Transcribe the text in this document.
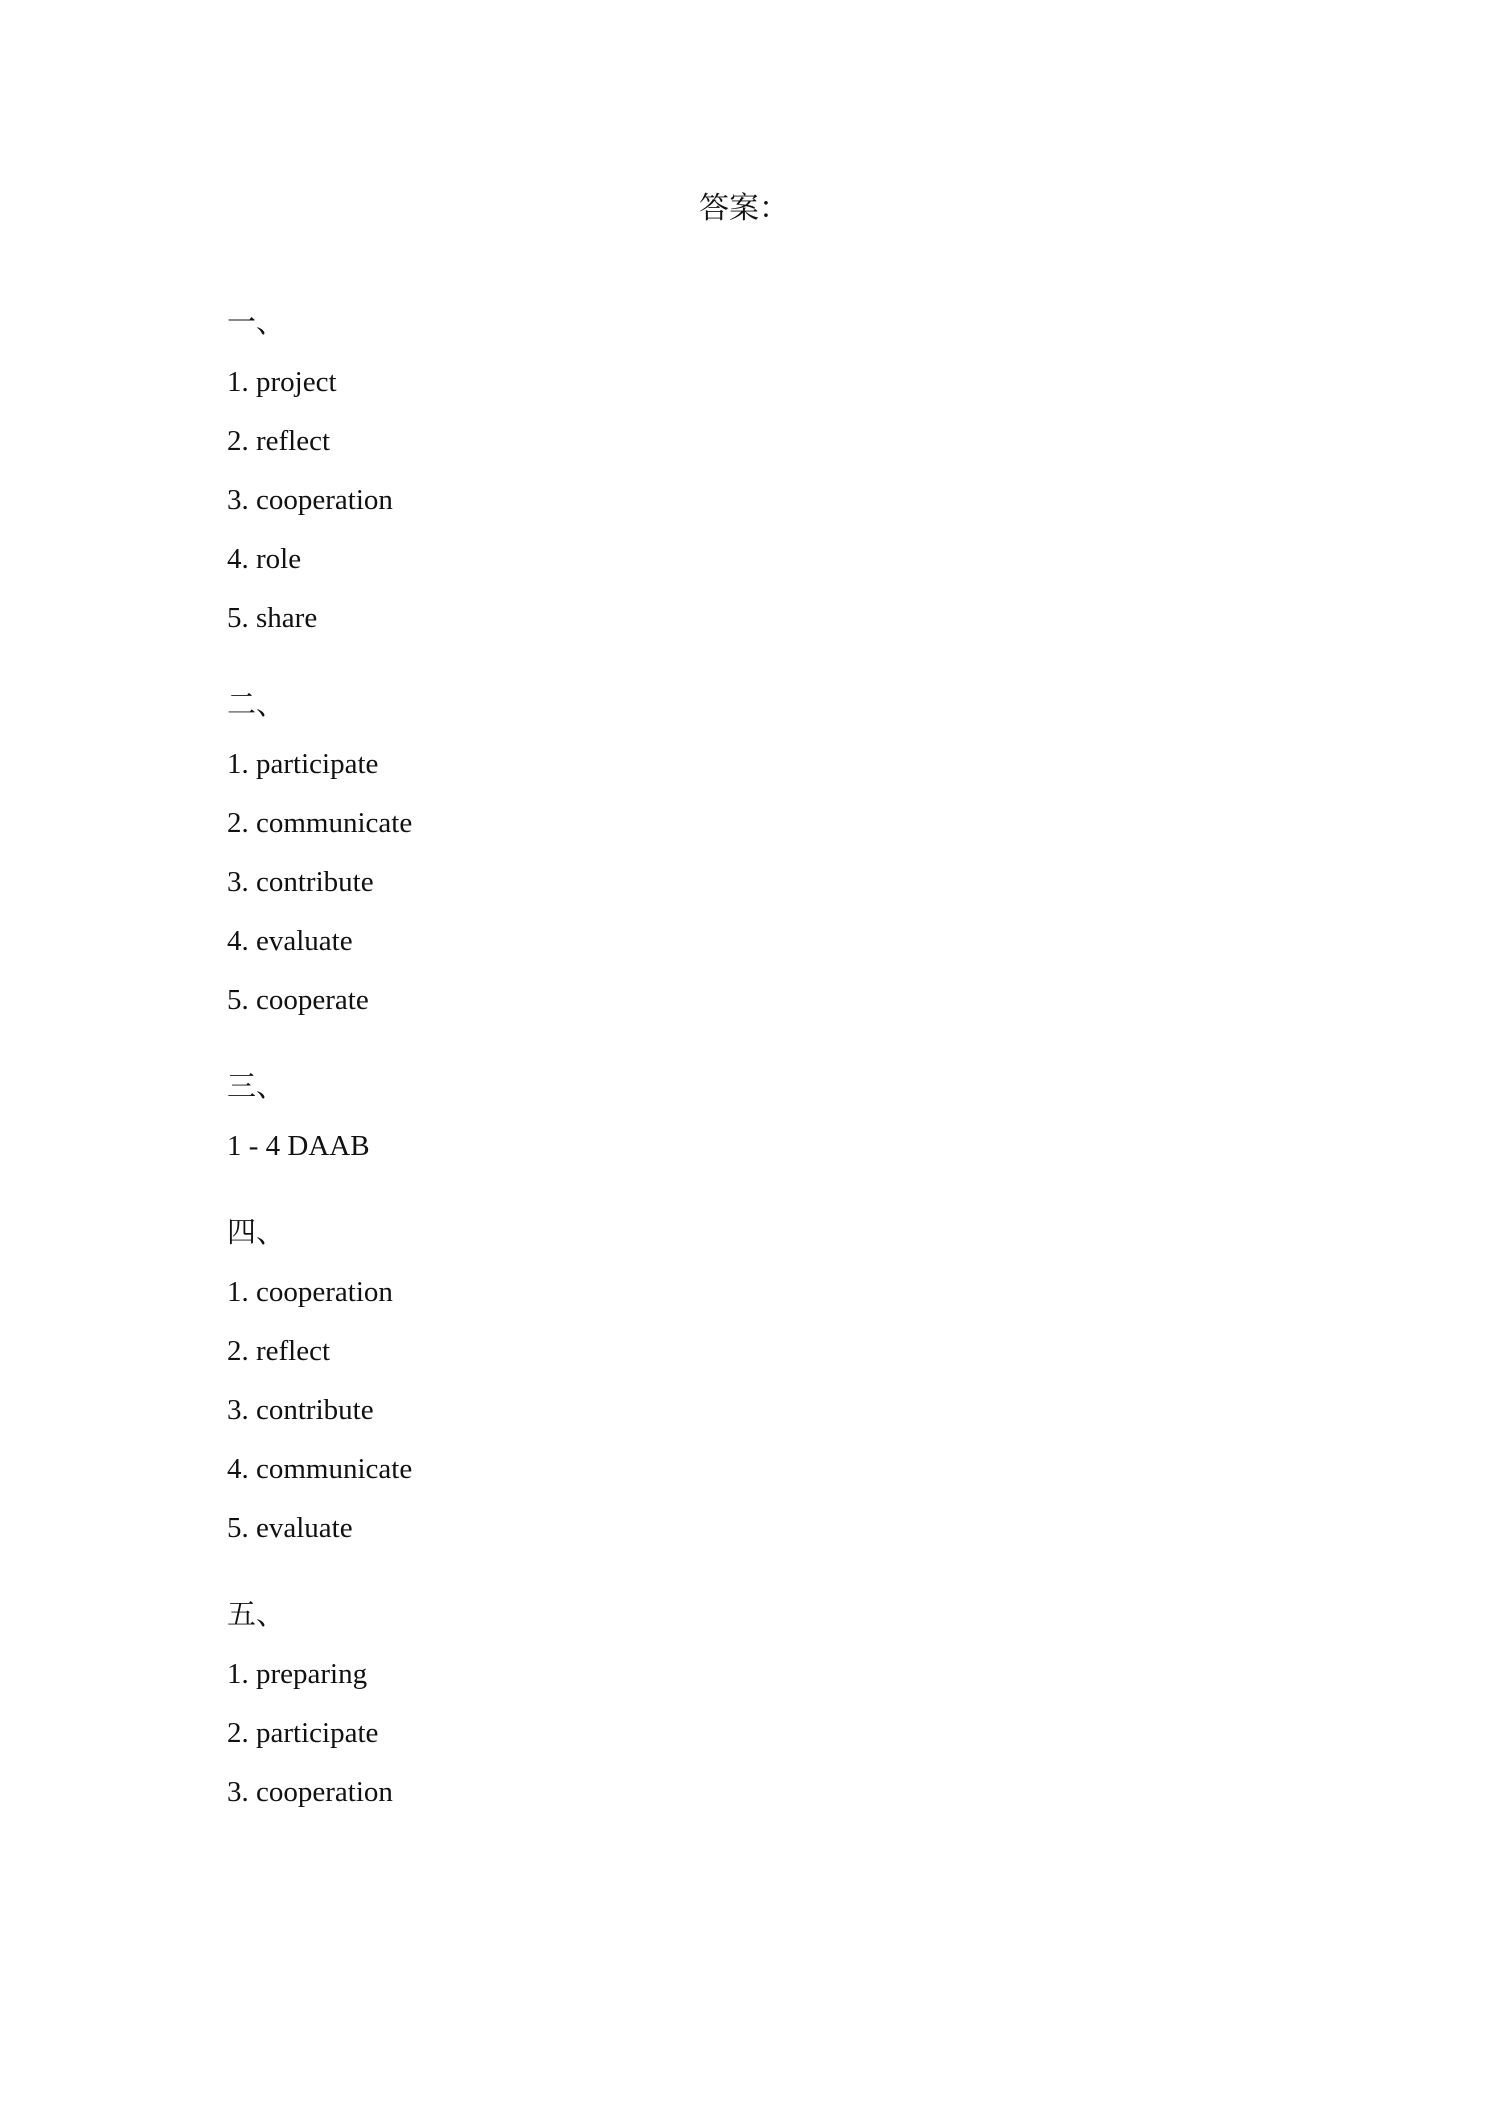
答案：
一、
1. project
2. reflect
3. cooperation
4. role
5. share
二、
1. participate
2. communicate
3. contribute
4. evaluate
5. cooperate
三、
1 - 4 DAAB
四、
1. cooperation
2. reflect
3. contribute
4. communicate
5. evaluate
五、
1. preparing
2. participate
3. cooperation
